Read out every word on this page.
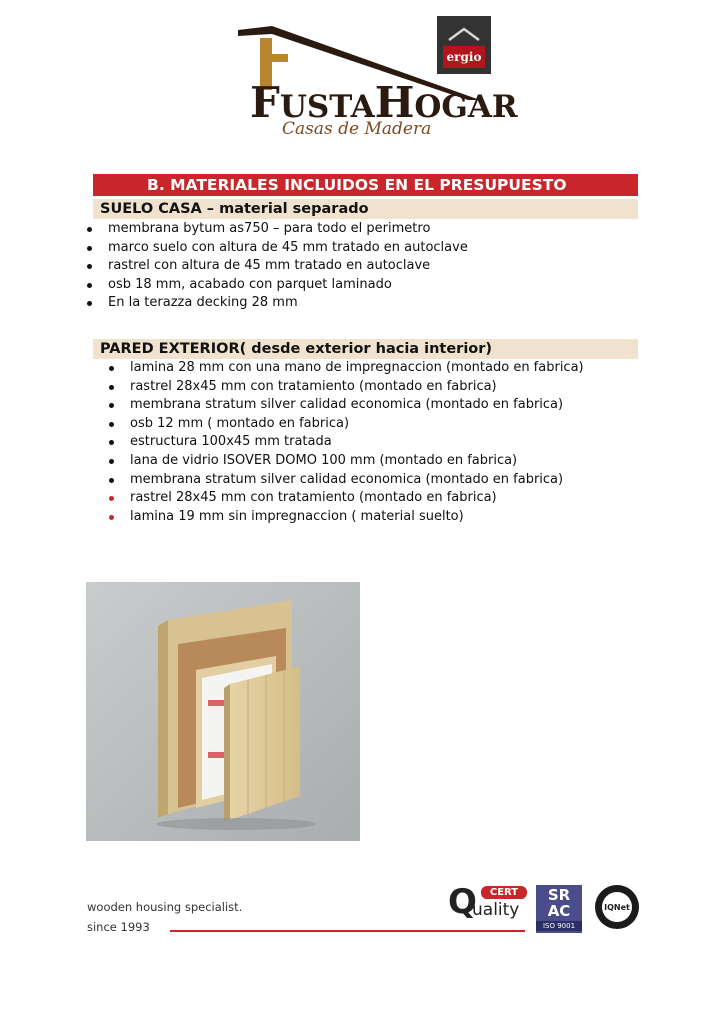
FUSTAHOGAR
Casas de Madera
ergio
B. MATERIALES INCLUIDOS EN EL PRESUPUESTO
SUELO CASA – material separado
membrana bytum as750 – para todo el perimetro
marco suelo con altura de 45 mm tratado en autoclave
rastrel con altura de 45 mm tratado en autoclave
osb 18 mm, acabado con parquet laminado
En la terazza decking 28 mm
PARED EXTERIOR( desde exterior hacia interior)
lamina 28 mm con una mano de impregnaccion (montado en fabrica)
rastrel 28x45 mm con tratamiento (montado en fabrica)
membrana stratum silver calidad economica (montado en fabrica)
osb 12 mm ( montado en fabrica)
estructura 100x45 mm tratada
lana de vidrio ISOVER DOMO 100 mm (montado en fabrica)
membrana stratum silver calidad economica (montado en fabrica)
rastrel 28x45 mm con tratamiento (montado en fabrica)
lamina 19 mm sin impregnaccion ( material suelto)
wooden housing specialist.
since 1993
Q	CERT
uality
SR
AC
ISO 9001
IQNet
